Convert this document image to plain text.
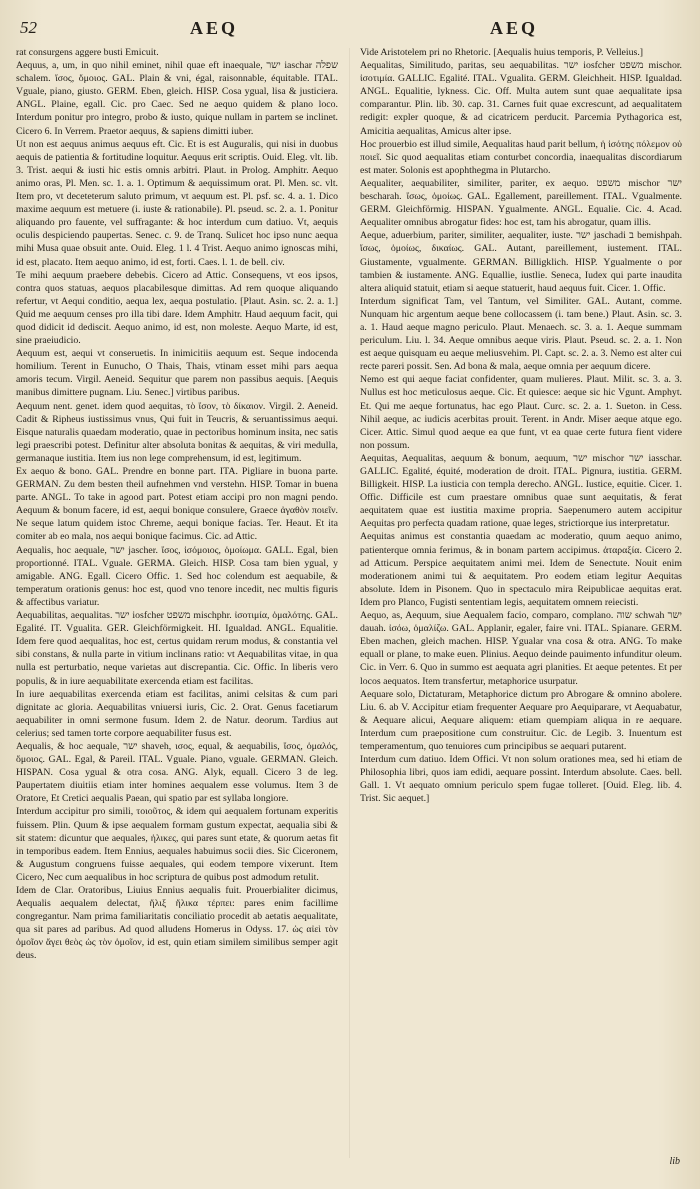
52	AEQ	AEQ

rat consurgens aggere busti Emicuit.

Aequus, a, um, in quo nihil eminet, nihil quae eft inaequale, ישר iaschar שפלה schalem. ἴσος, ὅμοιος. GAL. Plain & vni, égal, raisonnable, équitable. ITAL. Vguale, piano, giusto. GERM. Eben, gleich. HISP. Cosa ygual, lisa & justiciera. ANGL. Plaine, egall. Cic. pro Caec. Sed ne aequo quidem & plano loco. Interdum ponitur pro integro, probo & iusto, quique nullam in partem se inclinet. Cicero 6. In Verrem. Praetor aequus, & sapiens dimitti iuber.

Ut non est aequus animus aequus eft. Cic. Et is est Auguralis, qui nisi in duobus aequis de patientia & fortitudine loquitur. Aequus erit scriptis. Ouid. Eleg. vlt. lib. 3. Trist. aequi & iusti hic estis omnis arbitri. Plaut. in Prolog. Amphitr. Aequo animo oras, Pl. Men. sc. 1. a. 1. Optimum & aequissimum orat. Pl. Men. sc. vlt. Item pro, vt deceteterum saluto primum, vt aequum est. Pl. psf. sc. 4. a. 1. Dico maxime aequum est metuere (i. iuste & rationabile). Pl. pseud. sc. 2. a. 1. Ponitur aliquando pro fauente, vel suffragante: & hoc interdum cum datiuo. Vt, aequis oculis despiciendo paupertas. Senec. c. 9. de Tranq. Sulicet hoc ipso nunc aequa mihi Musa quae obsuit ante. Ouid. Eleg. 1 l. 4 Trist. Aequo animo ignoscas mihi, id est, placato. Item aequo animo, id est, forti. Caes. l. 1. de bell. civ.

Te mihi aequum praebere debebis. Cicero ad Attic. Consequens, vt eos ipsos, contra quos statuas, aequos placabilesque dimittas. Ad rem quoque aliquando refertur, vt Aequi conditio, aequa lex, aequa postulatio. [Plaut. Asin. sc. 2. a. 1.] Quid me aequum censes pro illa tibi dare. Idem Amphitr. Haud aequum facit, qui quod didicit id dediscit. Aequo animo, id est, non moleste. Aequo Marte, id est, sine praeiudicio.

Aequum est, aequi vt conseruetis. In inimicitiis aequum est. Seque indocenda homilium. Terent in Eunucho, O Thais, Thais, vtinam esset mihi pars aequa amoris tecum. Virgil. Aeneid. Sequitur que parem non passibus aequis. [Aequis manibus dimittere pugnam. Liu. Senec.] virtibus paribus.

Aequum nent. genet. idem quod aequitas, τὸ ἴσον, τὸ δίκαιον. Virgil. 2. Aeneid. Cadit & Ripheus iustissimus vnus, Qui fuit in Teucris, & seruantissimus aequi. Eisque naturalis quaedam moderatio, quae in pectoribus hominum insita, nec satis legi praescribi potest. Definitur alter absoluta bonitas & aequitas, & viri medulla, germanaque iustitia. Item ius non lege comprehensum, id est, legitimum.

Ex aequo & bono. GAL. Prendre en bonne part. ITA. Pigliare in buona parte. GERMAN. Zu dem besten theil aufnehmen vnd verstehn. HISP. Tomar in buena parte. ANGL. To take in agood part. Potest etiam accipi pro non magni pendo. Aequum & bonum facere, id est, aequi bonique consulere, Graece ἀγαθὸν ποιεῖν. Ne seque latum quidem istoc Chreme, aequi bonique facias. Ter. Heaut. Et ita comiter ab eo mala, nos aequi bonique facimus. Cic. ad Attic.

Aequalis, hoc aequale, ישר jascher. ἴσος, ἰσόμοιος, ὁμοίωμα. GALL. Egal, bien proportionné. ITAL. Vguale. GERMA. Gleich. HISP. Cosa tam bien ygual, y amigable. ANG. Egall. Cicero Offic. 1. Sed hoc colendum est aequabile, & temperatum orationis genus: hoc est, quod vno tenore incedit, nec multis figuris & affectibus variatur.

Aequabilitas, aequalitas. ישר iosfcher משפט mischphr. ἰσοτιμία, ὁμαλότης. GAL. Egalité. IT. Vgualita. GER. Gleichförmigkeit. HI. Igualdad. ANGL. Equalitie. Idem fere quod aequalitas, hoc est, certus quidam rerum modus, & constantia vel sibi constans, & nulla parte in vitium inclinans ratio: vt Aequabilitas vitae, in qua nulla est perturbatio, neque varietas aut discrepantia. Cic. Offic. In liberis vero populis, & in iure aequabilitate exercenda etiam est facilitas.

In iure aequabilitas exercenda etiam est facilitas, animi celsitas & cum pari dignitate ac gloria. Aequabilitas vniuersi iuris, Cic. 2. Orat. Genus facetiarum aequabiliter in omni sermone fusum. Idem 2. de Natur. deorum. Tardius aut celerius; sed tamen torte corpore aequabiliter fusus est.

Aequalis, & hoc aequale, ישר shaveh, ισος, equal, & aequabilis, ἴσος, ὁμαλός, ὅμοιος. GAL. Egal, & Pareil. ITAL. Vguale. Piano, vguale. GERMAN. Gleich. HISPAN. Cosa ygual & otra cosa. ANG. Alyk, equall. Cicero 3 de leg. Paupertatem diuitiis etiam inter homines aequalem esse volumus. Item 3 de Oratore, Et Cretici aequalis Paean, qui spatio par est syllaba longiore.

Interdum accipitur pro simili, τοιοῦτος, & idem qui aequalem fortunam experitis fuissem. Plin. Quum & ipse aequalem formam gustum expectat, aequalia sibi & sit statem: dicuntur que aequales, ἡλικες, qui pares sunt etate, & quorum aetas fit in temporibus eadem. Item Ennius, aequales habuimus socii dies. Sic Ciceronem, & Augustum congruens fuisse aequales, qui eodem tempore vixerunt. Item Cicero, Nec cum aequalibus in hoc scriptura de quibus post admodum retulit.

Idem de Clar. Oratoribus, Liuius Ennius aequalis fuit. Prouerbialiter dicimus, Aequalis aequalem delectat, ἥλιξ ἥλικα τέρπει: pares enim facillime congregantur. Nam prima familiaritatis conciliatio procedit ab aetatis aequalitate, qua sit pares ad paribus. Ad quod alludens Homerus in Odyss. 17. ὡς αἰεὶ τὸν ὁμοῖον ἄγει θεὸς ὡς τὸν ὁμοῖον, id est, quin etiam similem similibus semper agit deus.

Vide Aristotelem pri no Rhetoric. [Aequalis huius temporis, P. Velleius.]

Aequalitas, Similitudo, paritas, seu aequabilitas. ישר iosfcher משפט mischor. ἰσοτιμία. GALLIC. Egalité. ITAL. Vgualita. GERM. Gleichheit. HISP. Igualdad. ANGL. Equalitie, lykness. Cic. Off. Multa autem sunt quae aequalitate ipsa comparantur. Plin. lib. 30. cap. 31. Carnes fuit quae excrescunt, ad aequalitatem redigit: expler quoque, & ad cicatricem perducit. Parcemia Pythagorica est, Amicitia aequalitas, Amicus alter ipse.

Hoc prouerbio est illud simile, Aequalitas haud parit bellum, ἡ ἰσότης πόλεμον οὐ ποιεῖ. Sic quod aequalitas etiam conturbet concordia, inaequalitas discordiarum est mater. Solonis est apophthegma in Plutarcho.

Aequaliter, aequabiliter, similiter, pariter, ex aequo. משפט mischor ישר bescharah. ἴσως, ὁμοίως. GAL. Egallement, pareillement. ITAL. Vgualmente. GERM. Gleichförmig. HISPAN. Ygualmente. ANGL. Equalie. Cic. 4. Acad. Aequaliter omnibus abrogatur fides: hoc est, tam his abrogatur, quam illis.

Aeque, aduerbium, pariter, similiter, aequaliter, iuste. ישר jaschadi ב bemishpah. ἴσως, ὁμοίως, δικαίως. GAL. Autant, pareillement, iustement. ITAL. Giustamente, vgualmente. GERMAN. Billigklich. HISP. Ygualmente o por tambien & iustamente. ANG. Equallie, iustlie. Seneca, Iudex qui parte inaudita altera aliquid statuit, etiam si aeque statuerit, haud aequus fuit. Cicer. 1. Offic.

Interdum significat Tam, vel Tantum, vel Similiter. GAL. Autant, comme. Nunquam hic argentum aeque bene collocassem (i. tam bene.) Plaut. Asin. sc. 3. a. 1. Haud aeque magno periculo. Plaut. Menaech. sc. 3. a. 1. Aeque summam periculum. Liu. l. 34. Aeque omnibus aeque viris. Plaut. Pseud. sc. 2. a. 1. Non est aeque quisquam eu aeque meliusvehim. Pl. Capt. sc. 2. a. 3. Nemo est alter cui recte pareri possit. Sen. Ad bona & mala, aeque omnia per aequum dicere.

Nemo est qui aeque faciat confidenter, quam mulieres. Plaut. Milit. sc. 3. a. 3. Nullus est hoc meticulosus aeque. Cic. Et quiesce: aeque sic hic Vgunt. Amphyt. Et. Qui me aeque fortunatus, hac ego Plaut. Curc. sc. 2. a. 1. Sueton. in Cess. Nihil aeque, ac iudicis acerbitas prouit. Terent. in Andr. Miser aeque atque ego. Cicer. Attic. Simul quod aeque ea que funt, vt ea quae certe futura fient videre non possum.

Aequitas, Aequalitas, aequum & bonum, aequum, ישר mischor ישר iasschar. GALLIC. Egalité, équité, moderation de droit. ITAL. Pignura, iustitia. GERM. Billigkeit. HISP. La iusticia con templa derecho. ANGL. Iustice, equitie. Cicer. 1. Offic. Difficile est cum praestare omnibus quae sunt aequitatis, & ferat aequitatem quae est iustitia maxime propria. Saepenumero autem accipitur Aequitas pro perfecta quadam ratione, quae leges, strictiorque ius interpretatur.

Aequitas animus est constantia quaedam ac moderatio, quum aequo animo, patienterque omnia ferimus, & in bonam partem accipimus. ἀταραξία. Cicero 2. ad Atticum. Perspice aequitatem animi mei. Idem de Senectute. Nouit enim moderationem animi tui & aequitatem. Pro eodem etiam legitur Aequitas absolute. Idem in Pisonem. Quo in spectaculo mira Reipublicae aequitas erat. Idem pro Planco, Fugisti sententiam legis, aequitatem omnem reiecisti.

Aequo, as, Aequum, siue Aequalem facio, comparo, complano. שוה schwah ישר dauah. ἰσόω, ὁμαλίζω. GAL. Applanir, egaler, faire vni. ITAL. Spianare. GERM. Eben machen, gleich machen. HISP. Ygualar vna cosa & otra. ANG. To make equall or plane, to make euen. Plinius. Aequo deinde pauimento infunditur oleum. Cic. in Verr. 6. Quo in summo est aequata agri planities. Et aeque petentes. Et per locos aequatos. Item transfertur, metaphorice usurpatur.

Aequare solo, Dictaturam, Metaphorice dictum pro Abrogare & omnino abolere. Liu. 6. ab V. Accipitur etiam frequenter Aequare pro Aequiparare, vt Aequabatur, & Aequare alicui, Aequare aliquem: etiam quempiam aliqua in re aequare. Interdum cum praepositione cum construitur. Cic. de Legib. 3. Inuentum est temperamentum, quo tenuiores cum principibus se aequari putarent.

Interdum cum datiuo. Idem Offici. Vt non solum orationes mea, sed hi etiam de Philosophia libri, quos iam edidi, aequare possint. Interdum absolute. Caes. bell. Gall. 1. Vt aequato omnium periculo spem fugae tolleret. [Ouid. Eleg. lib. 4. Trist. Sic aequet.]

lib
